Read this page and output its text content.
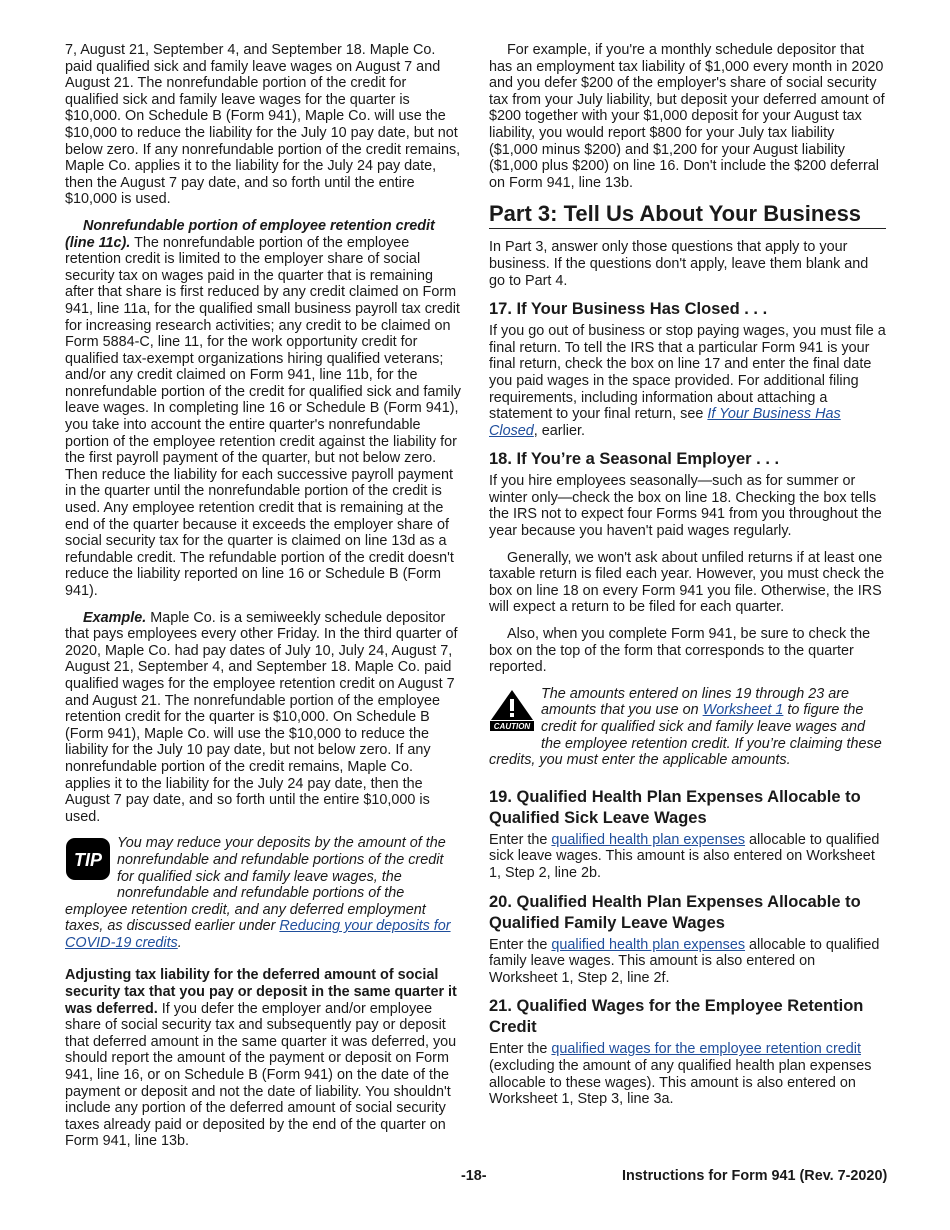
7, August 21, September 4, and September 18. Maple Co. paid qualified sick and family leave wages on August 7 and August 21. The nonrefundable portion of the credit for qualified sick and family leave wages for the quarter is $10,000. On Schedule B (Form 941), Maple Co. will use the $10,000 to reduce the liability for the July 10 pay date, but not below zero. If any nonrefundable portion of the credit remains, Maple Co. applies it to the liability for the July 24 pay date, then the August 7 pay date, and so forth until the entire $10,000 is used.

Nonrefundable portion of employee retention credit (line 11c). The nonrefundable portion of the employee retention credit is limited to the employer share of social security tax on wages paid in the quarter that is remaining after that share is first reduced by any credit claimed on Form 941, line 11a, for the qualified small business payroll tax credit for increasing research activities; any credit to be claimed on Form 5884-C, line 11, for the work opportunity credit for qualified tax-exempt organizations hiring qualified veterans; and/or any credit claimed on Form 941, line 11b, for the nonrefundable portion of the credit for qualified sick and family leave wages. In completing line 16 or Schedule B (Form 941), you take into account the entire quarter's nonrefundable portion of the employee retention credit against the liability for the first payroll payment of the quarter, but not below zero. Then reduce the liability for each successive payroll payment in the quarter until the nonrefundable portion of the credit is used. Any employee retention credit that is remaining at the end of the quarter because it exceeds the employer share of social security tax for the quarter is claimed on line 13d as a refundable credit. The refundable portion of the credit doesn't reduce the liability reported on line 16 or Schedule B (Form 941).

Example. Maple Co. is a semiweekly schedule depositor that pays employees every other Friday. In the third quarter of 2020, Maple Co. had pay dates of July 10, July 24, August 7, August 21, September 4, and September 18. Maple Co. paid qualified wages for the employee retention credit on August 7 and August 21. The nonrefundable portion of the employee retention credit for the quarter is $10,000. On Schedule B (Form 941), Maple Co. will use the $10,000 to reduce the liability for the July 10 pay date, but not below zero. If any nonrefundable portion of the credit remains, Maple Co. applies it to the liability for the July 24 pay date, then the August 7 pay date, and so forth until the entire $10,000 is used.

TIP
You may reduce your deposits by the amount of the nonrefundable and refundable portions of the credit for qualified sick and family leave wages, the nonrefundable and refundable portions of the employee retention credit, and any deferred employment taxes, as discussed earlier under Reducing your deposits for COVID-19 credits.

Adjusting tax liability for the deferred amount of social security tax that you pay or deposit in the same quarter it was deferred. If you defer the employer and/or employee share of social security tax and subsequently pay or deposit that deferred amount in the same quarter it was deferred, you should report the amount of the payment or deposit on Form 941, line 16, or on Schedule B (Form 941) on the date of the payment or deposit and not the date of liability. You shouldn't include any portion of the deferred amount of social security taxes already paid or deposited by the end of the quarter on Form 941, line 13b.

For example, if you're a monthly schedule depositor that has an employment tax liability of $1,000 every month in 2020 and you defer $200 of the employer's share of social security tax from your July liability, but deposit your deferred amount of $200 together with your $1,000 deposit for your August tax liability, you would report $800 for your July tax liability ($1,000 minus $200) and $1,200 for your August liability ($1,000 plus $200) on line 16. Don't include the $200 deferral on Form 941, line 13b.

Part 3: Tell Us About Your Business

In Part 3, answer only those questions that apply to your business. If the questions don't apply, leave them blank and go to Part 4.

17. If Your Business Has Closed . . .

If you go out of business or stop paying wages, you must file a final return. To tell the IRS that a particular Form 941 is your final return, check the box on line 17 and enter the final date you paid wages in the space provided. For additional filing requirements, including information about attaching a statement to your final return, see If Your Business Has Closed, earlier.

18. If You’re a Seasonal Employer . . .

If you hire employees seasonally—such as for summer or winter only—check the box on line 18. Checking the box tells the IRS not to expect four Forms 941 from you throughout the year because you haven't paid wages regularly.

Generally, we won't ask about unfiled returns if at least one taxable return is filed each year. However, you must check the box on line 18 on every Form 941 you file. Otherwise, the IRS will expect a return to be filed for each quarter.

Also, when you complete Form 941, be sure to check the box on the top of the form that corresponds to the quarter reported.

CAUTION
The amounts entered on lines 19 through 23 are amounts that you use on Worksheet 1 to figure the credit for qualified sick and family leave wages and the employee retention credit. If you’re claiming these credits, you must enter the applicable amounts.
19. Qualified Health Plan Expenses Allocable to Qualified Sick Leave Wages

Enter the qualified health plan expenses allocable to qualified sick leave wages. This amount is also entered on Worksheet 1, Step 2, line 2b.

20. Qualified Health Plan Expenses Allocable to Qualified Family Leave Wages

Enter the qualified health plan expenses allocable to qualified family leave wages. This amount is also entered on Worksheet 1, Step 2, line 2f.

21. Qualified Wages for the Employee Retention Credit

Enter the qualified wages for the employee retention credit (excluding the amount of any qualified health plan expenses allocable to these wages). This amount is also entered on Worksheet 1, Step 3, line 3a.

-18-	Instructions for Form 941 (Rev. 7-2020)
